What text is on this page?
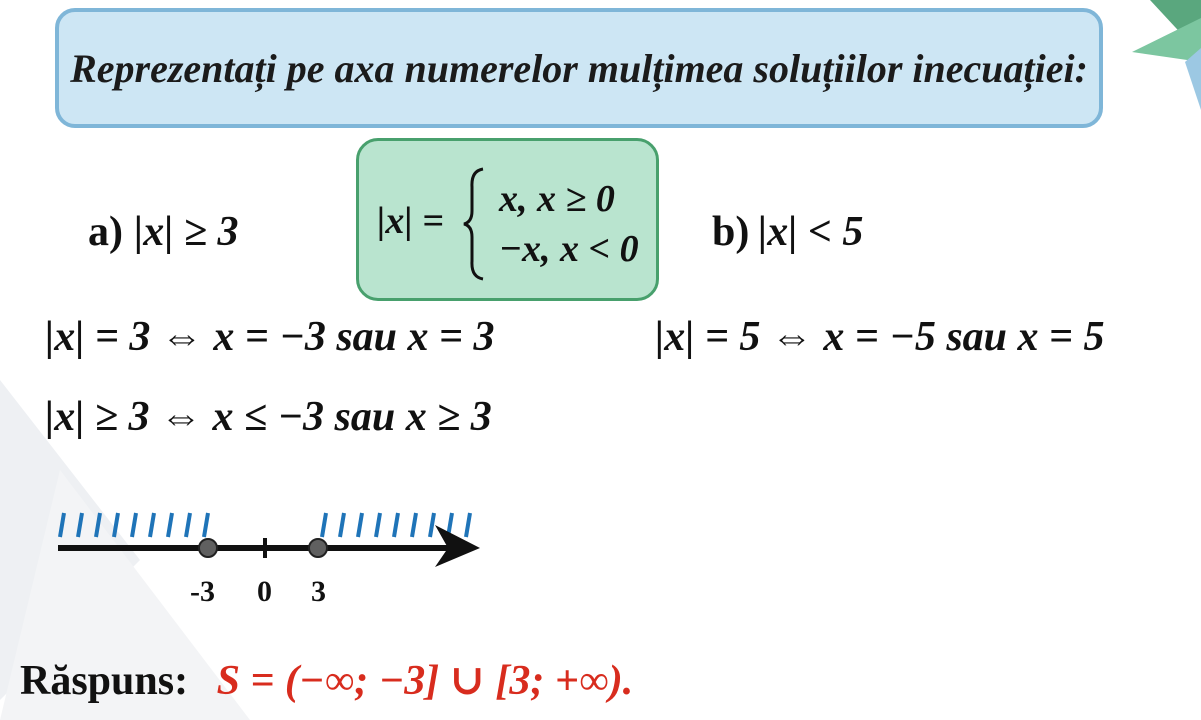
Reprezentați pe axa numerelor mulțimea soluțiilor inecuației:
|x| =
x, x ≥ 0
−x, x < 0
a) |x| ≥ 3	b) |x| < 5
|x| = 3 ⇔ x = −3 sau x = 3	|x| = 5 ⇔ x = −5 sau x = 5
|x| ≥ 3 ⇔ x ≤ −3 sau x ≥ 3
-3 0 3
Răspuns: S = (−∞; −3] ∪ [3; +∞).
